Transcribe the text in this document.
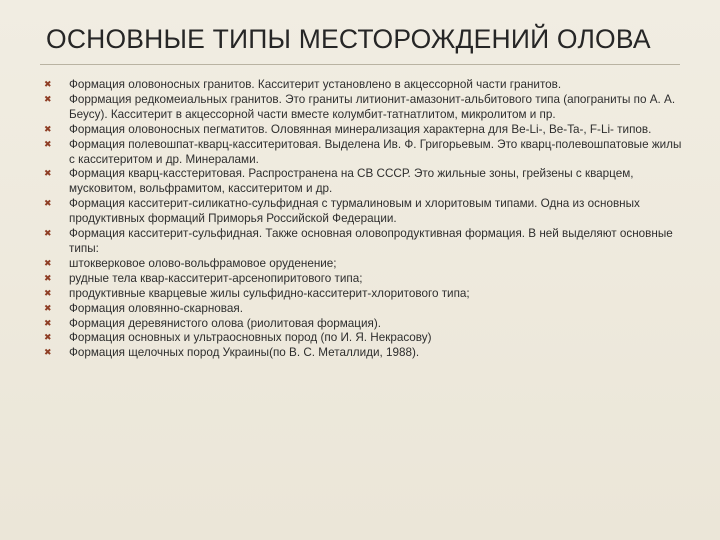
ОСНОВНЫЕ ТИПЫ МЕСТОРОЖДЕНИЙ ОЛОВА
✖ Формация оловоносных гранитов. Касситерит установлено в акцессорной части гранитов.
✖ Форрмация редкомеиальных гранитов. Это граниты литионит-амазонит-альбитового типа (апограниты по А. А. Беусу). Касситерит в акцессорной части вместе колумбит-татнатлитом, микролитом и пр.
✖ Формация оловоносных пегматитов. Оловянная минерализация характерна для Be-Li-, Be-Ta-, F-Li- типов.
✖ Формация полевошпат-кварц-касситеритовая. Выделена Ив. Ф. Григорьевым. Это кварц-полевошпатовые жилы с касситеритом и др. Минералами.
✖ Формация кварц-касстеритовая. Распространена на СВ СССР. Это жильные зоны, грейзены с кварцем, мусковитом, вольфрамитом, касситеритом и др.
✖ Формация касситерит-силикатно-сульфидная с турмалиновым и хлоритовым типами. Одна из основных продуктивных формаций Приморья Российской Федерации.
✖ Формация касситерит-сульфидная. Также основная оловопродуктивная формация. В ней выделяют основные типы:
✖ штокверковое олово-вольфрамовое оруденение;
✖ рудные тела квар-касситерит-арсенопиритового типа;
✖ продуктивные кварцевые жилы сульфидно-касситерит-хлоритового типа;
✖ Формация оловянно-скарновая.
✖ Формация деревянистого олова (риолитовая формация).
✖ Формация основных и ультраосновных пород (по И. Я. Некрасову)
✖ Формация щелочных пород Украины(по В. С. Металлиди, 1988).
